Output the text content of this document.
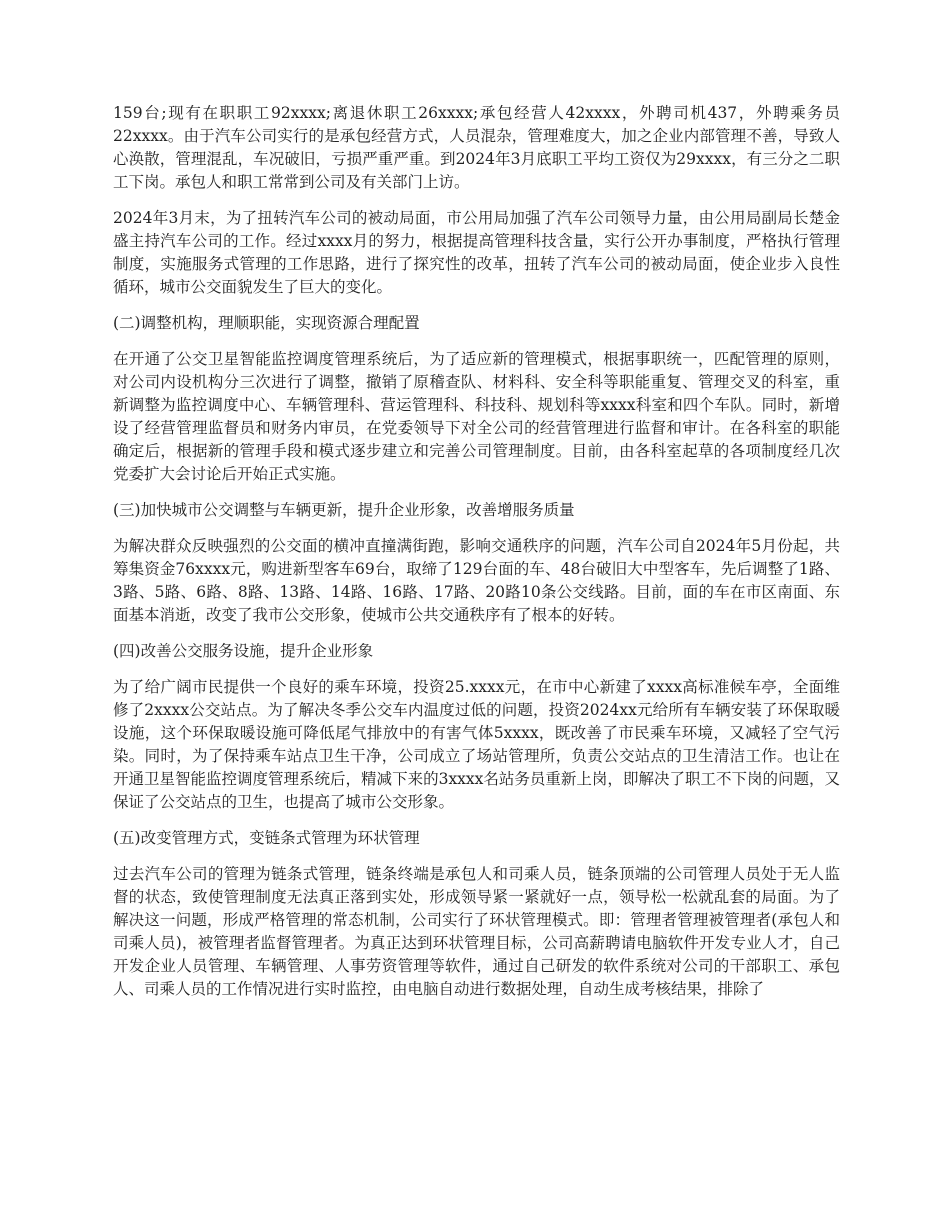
159台;现有在职职工92xxxx;离退休职工26xxxx;承包经营人42xxxx，外聘司机437，外聘乘务员22xxxx。由于汽车公司实行的是承包经营方式，人员混杂，管理难度大，加之企业内部管理不善，导致人心涣散，管理混乱，车况破旧，亏损严重严重。到2024年3月底职工平均工资仅为29xxxx，有三分之二职工下岗。承包人和职工常常到公司及有关部门上访。

2024年3月末，为了扭转汽车公司的被动局面，市公用局加强了汽车公司领导力量，由公用局副局长楚金盛主持汽车公司的工作。经过xxxx月的努力，根据提高管理科技含量，实行公开办事制度，严格执行管理制度，实施服务式管理的工作思路，进行了探究性的改革，扭转了汽车公司的被动局面，使企业步入良性循环，城市公交面貌发生了巨大的变化。

(二)调整机构，理顺职能，实现资源合理配置

在开通了公交卫星智能监控调度管理系统后，为了适应新的管理模式，根据事职统一，匹配管理的原则，对公司内设机构分三次进行了调整，撤销了原稽查队、材料科、安全科等职能重复、管理交叉的科室，重新调整为监控调度中心、车辆管理科、营运管理科、科技科、规划科等xxxx科室和四个车队。同时，新增设了经营管理监督员和财务内审员，在党委领导下对全公司的经营管理进行监督和审计。在各科室的职能确定后，根据新的管理手段和模式逐步建立和完善公司管理制度。目前，由各科室起草的各项制度经几次党委扩大会讨论后开始正式实施。

(三)加快城市公交调整与车辆更新，提升企业形象，改善增服务质量

为解决群众反映强烈的公交面的横冲直撞满街跑，影响交通秩序的问题，汽车公司自2024年5月份起，共筹集资金76xxxx元，购进新型客车69台，取缔了129台面的车、48台破旧大中型客车，先后调整了1路、3路、5路、6路、8路、13路、14路、16路、17路、20路10条公交线路。目前，面的车在市区南面、东面基本消逝，改变了我市公交形象，使城市公共交通秩序有了根本的好转。

(四)改善公交服务设施，提升企业形象

为了给广阔市民提供一个良好的乘车环境，投资25.xxxx元，在市中心新建了xxxx高标准候车亭，全面维修了2xxxx公交站点。为了解决冬季公交车内温度过低的问题，投资2024xx元给所有车辆安装了环保取暖设施，这个环保取暖设施可降低尾气排放中的有害气体5xxxx，既改善了市民乘车环境，又减轻了空气污染。同时，为了保持乘车站点卫生干净，公司成立了场站管理所，负责公交站点的卫生清洁工作。也让在开通卫星智能监控调度管理系统后，精减下来的3xxxx名站务员重新上岗，即解决了职工不下岗的问题，又保证了公交站点的卫生，也提高了城市公交形象。

(五)改变管理方式，变链条式管理为环状管理

过去汽车公司的管理为链条式管理，链条终端是承包人和司乘人员，链条顶端的公司管理人员处于无人监督的状态，致使管理制度无法真正落到实处，形成领导紧一紧就好一点，领导松一松就乱套的局面。为了解决这一问题，形成严格管理的常态机制，公司实行了环状管理模式。即：管理者管理被管理者(承包人和司乘人员)，被管理者监督管理者。为真正达到环状管理目标，公司高薪聘请电脑软件开发专业人才，自己开发企业人员管理、车辆管理、人事劳资管理等软件，通过自己研发的软件系统对公司的干部职工、承包人、司乘人员的工作情况进行实时监控，由电脑自动进行数据处理，自动生成考核结果，排除了
